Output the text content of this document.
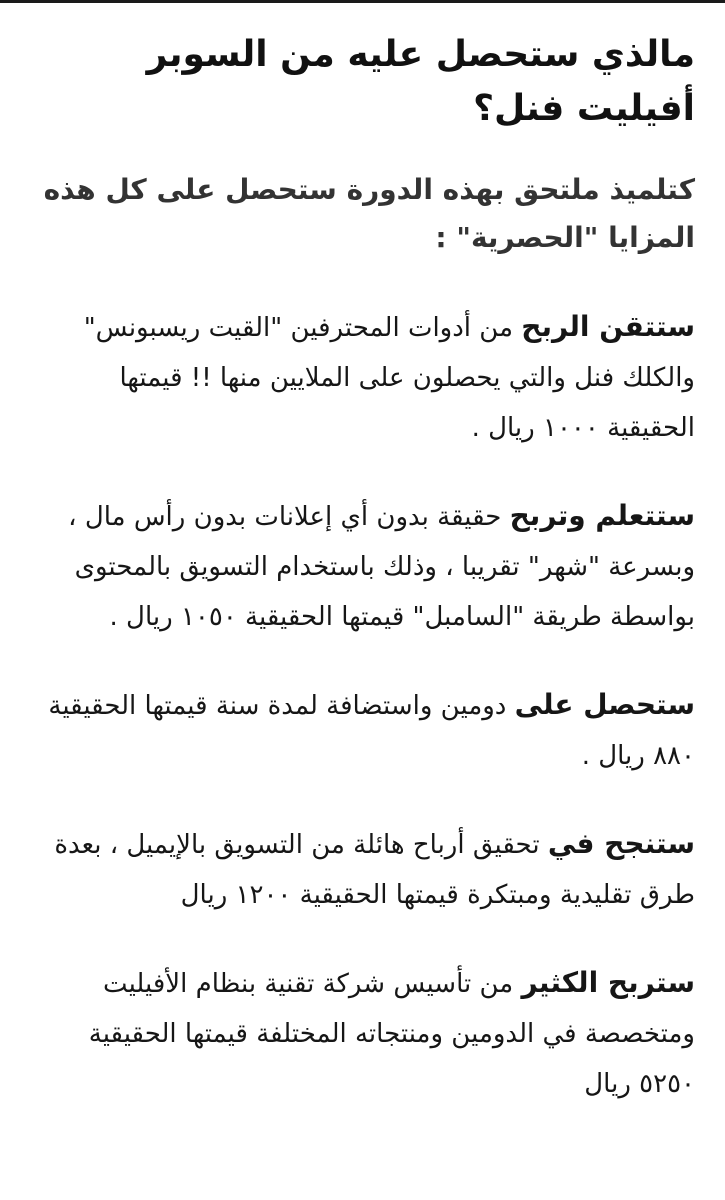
مالذي ستحصل عليه من السوبر أفيليت فنل؟

كتلميذ ملتحق بهذه الدورة ستحصل على كل هذه المزايا "الحصرية" :

ستتقن الربح من أدوات المحترفين "القيت ريسبونس" والكلك فنل والتي يحصلون على الملايين منها !! قيمتها الحقيقية ١٠٠٠ ريال .

ستتعلم وتربح حقيقة بدون أي إعلانات بدون رأس مال ، وبسرعة "شهر" تقريبا ، وذلك باستخدام التسويق بالمحتوى بواسطة طريقة "السامبل" قيمتها الحقيقية ١٠٥٠ ريال .

ستحصل على دومين واستضافة لمدة سنة قيمتها الحقيقية ٨٨٠ ريال .

ستنجح في تحقيق أرباح هائلة من التسويق بالإيميل ، بعدة طرق تقليدية ومبتكرة قيمتها الحقيقية ١٢٠٠ ريال

ستربح الكثير من تأسيس شركة تقنية بنظام الأفيليت ومتخصصة في الدومين ومنتجاته المختلفة قيمتها الحقيقية ٥٢٥٠ ريال
